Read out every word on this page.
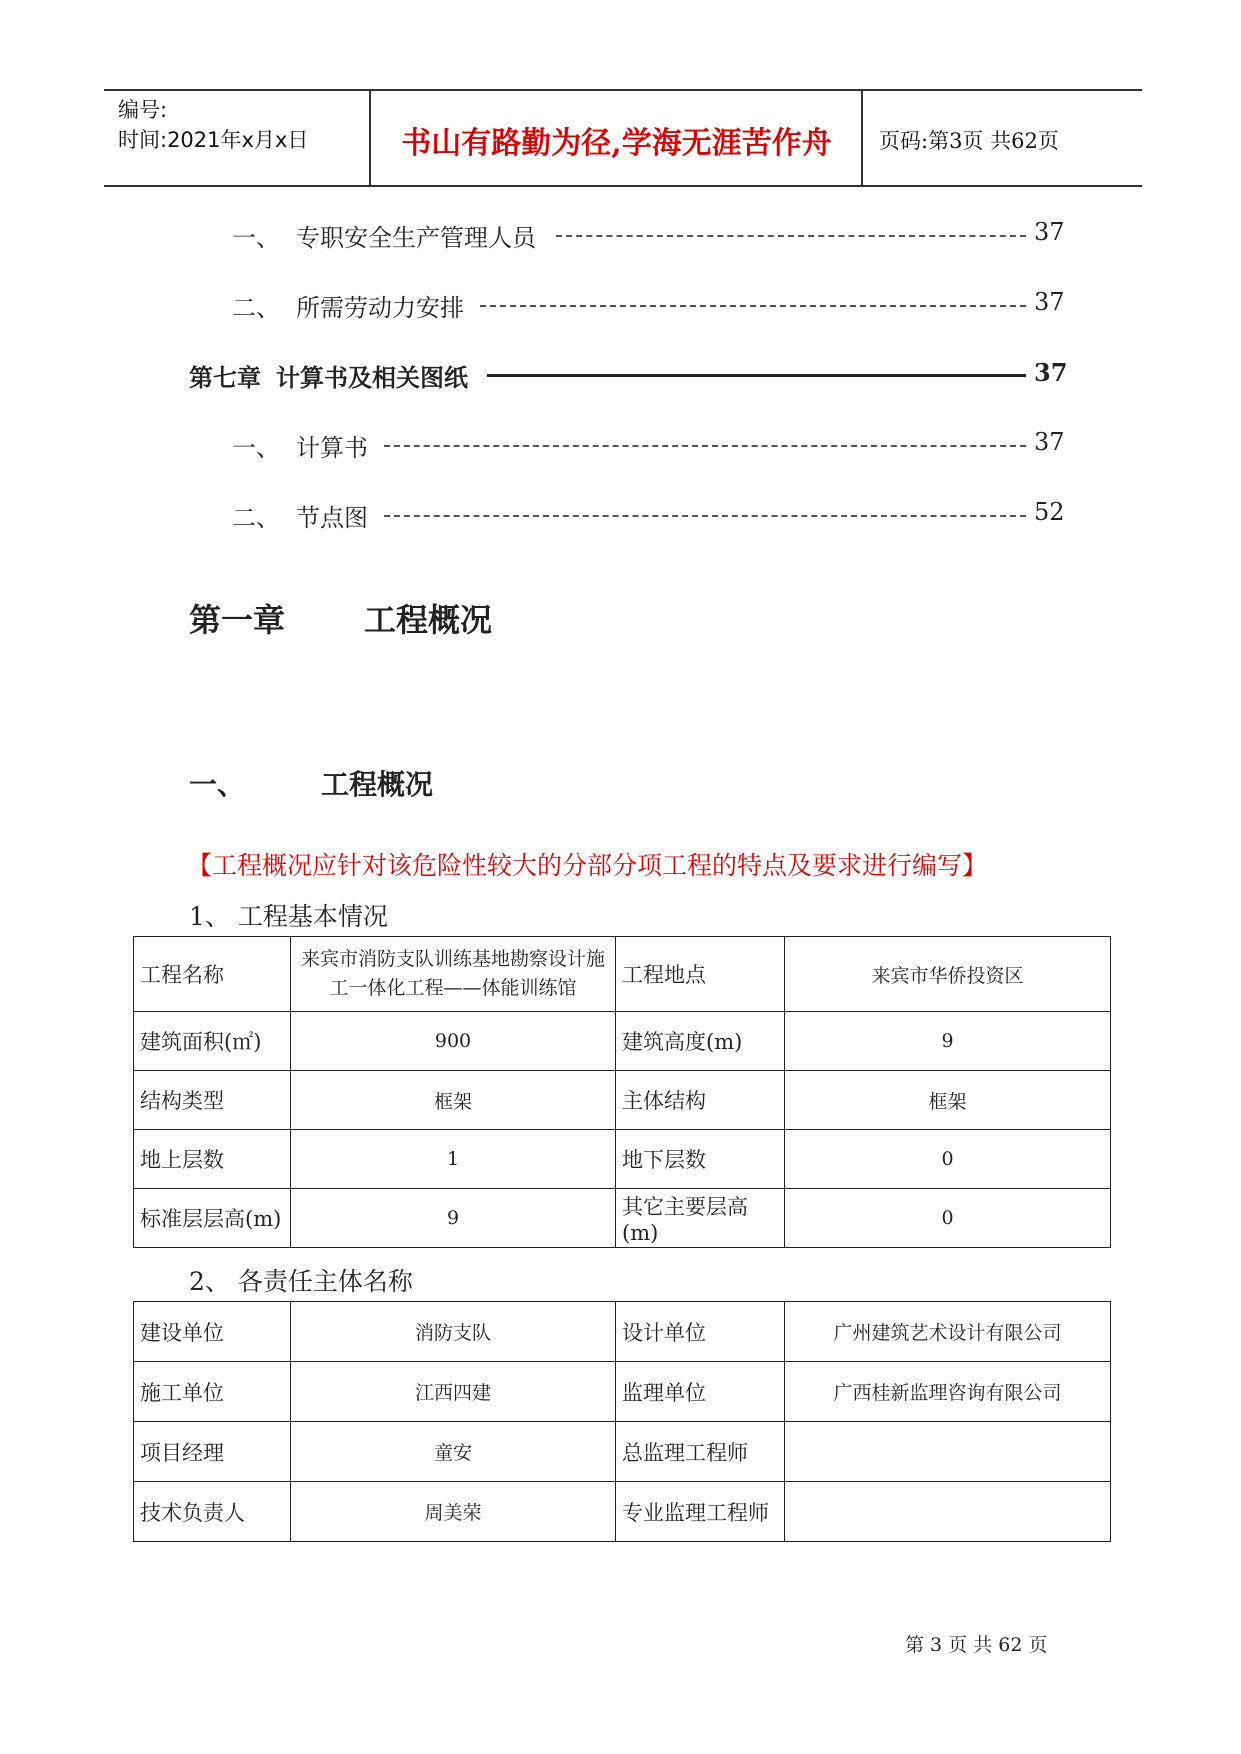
编号:
时间:2021年x月x日	书山有路勤为径,学海无涯苦作舟	页码:第3页 共62页
一、 专职安全生产管理人员	37
二、 所需劳动力安排	37
第七章 计算书及相关图纸	37
一、 计算书	37
二、 节点图	52
第一章 工程概况
一、	工程概况
【工程概况应针对该危险性较大的分部分项工程的特点及要求进行编写】
1、 工程基本情况
工程名称	来宾市消防支队训练基地勘察设计施工一体化工程——体能训练馆	工程地点	来宾市华侨投资区
建筑面积(㎡)	900	建筑高度(m)	9
结构类型	框架	主体结构	框架
地上层数	1	地下层数	0
标准层层高(m)	9	其它主要层高(m)	0
2、 各责任主体名称
建设单位	消防支队	设计单位	广州建筑艺术设计有限公司
施工单位	江西四建	监理单位	广西桂新监理咨询有限公司
项目经理	童安	总监理工程师	
技术负责人	周美荣	专业监理工程师	
第 3 页 共 62 页
